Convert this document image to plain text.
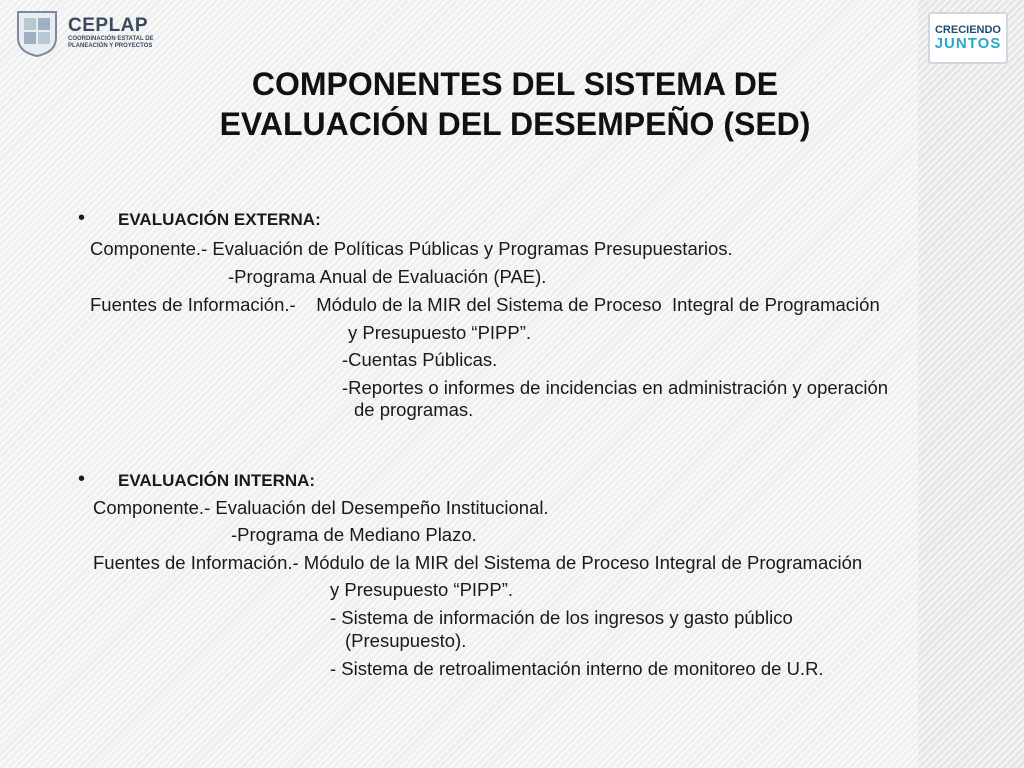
CEPLAP
COORDINACIÓN ESTATAL DE PLANEACIÓN Y PROYECTOS
CRECIENDO
JUNTOS
COMPONENTES DEL SISTEMA DE
EVALUACIÓN DEL DESEMPEÑO (SED)
• EVALUACIÓN EXTERNA:
Componente.- Evaluación de Políticas Públicas y Programas Presupuestarios.
-Programa Anual de Evaluación (PAE).
Fuentes de Información.-    Módulo de la MIR del Sistema de Proceso  Integral de Programación
y Presupuesto “PIPP”.
-Cuentas Públicas.
-Reportes o informes de incidencias en administración y operación
de programas.
• EVALUACIÓN INTERNA:
Componente.- Evaluación del Desempeño Institucional.
-Programa de Mediano Plazo.
Fuentes de Información.- Módulo de la MIR del Sistema de Proceso Integral de Programación
y Presupuesto “PIPP”.
- Sistema de información de los ingresos y gasto público
(Presupuesto).
- Sistema de retroalimentación interno de monitoreo de U.R.
